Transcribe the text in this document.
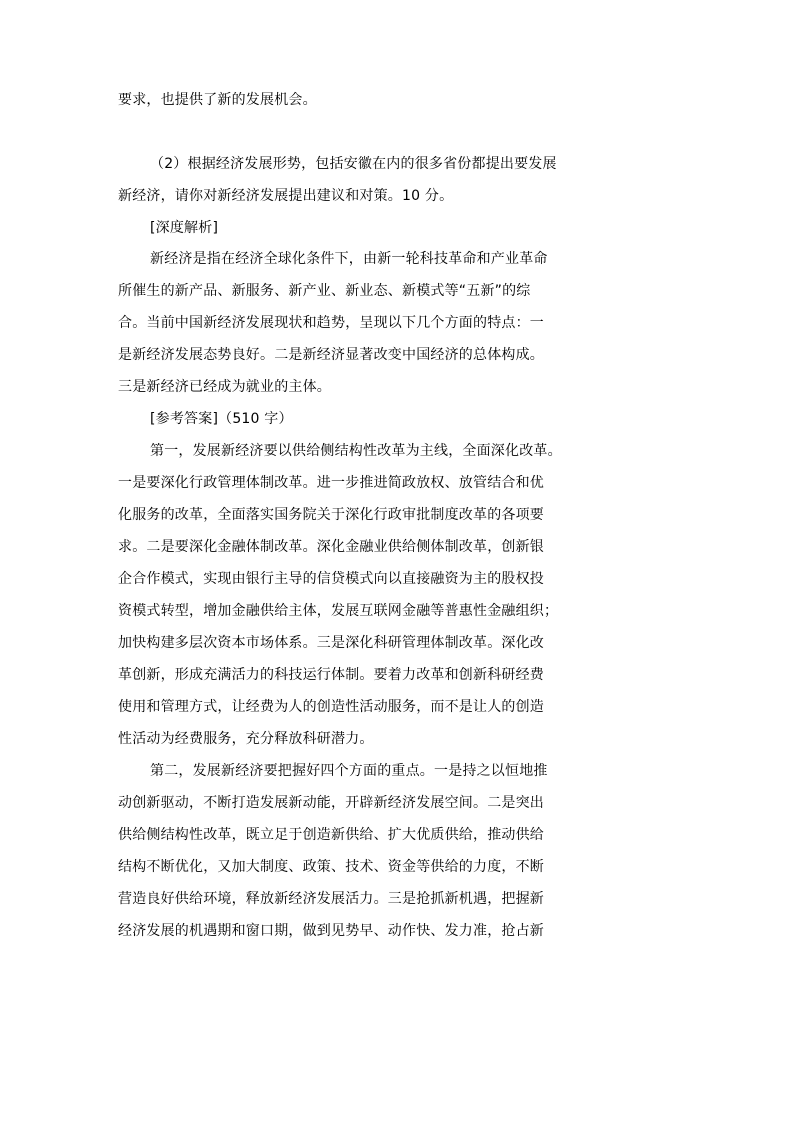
要求，也提供了新的发展机会。
（2）根据经济发展形势，包括安徽在内的很多省份都提出要发展
新经济，请你对新经济发展提出建议和对策。10 分。
[深度解析]
新经济是指在经济全球化条件下，由新一轮科技革命和产业革命
所催生的新产品、新服务、新产业、新业态、新模式等“五新”的综
合。当前中国新经济发展现状和趋势，呈现以下几个方面的特点：一
是新经济发展态势良好。二是新经济显著改变中国经济的总体构成。
三是新经济已经成为就业的主体。
[参考答案]（510 字）
第一，发展新经济要以供给侧结构性改革为主线，全面深化改革。
一是要深化行政管理体制改革。进一步推进简政放权、放管结合和优
化服务的改革，全面落实国务院关于深化行政审批制度改革的各项要
求。二是要深化金融体制改革。深化金融业供给侧体制改革，创新银
企合作模式，实现由银行主导的信贷模式向以直接融资为主的股权投
资模式转型，增加金融供给主体，发展互联网金融等普惠性金融组织；
加快构建多层次资本市场体系。三是深化科研管理体制改革。深化改
革创新，形成充满活力的科技运行体制。要着力改革和创新科研经费
使用和管理方式，让经费为人的创造性活动服务，而不是让人的创造
性活动为经费服务，充分释放科研潜力。
第二，发展新经济要把握好四个方面的重点。一是持之以恒地推
动创新驱动，不断打造发展新动能，开辟新经济发展空间。二是突出
供给侧结构性改革，既立足于创造新供给、扩大优质供给，推动供给
结构不断优化，又加大制度、政策、技术、资金等供给的力度，不断
营造良好供给环境，释放新经济发展活力。三是抢抓新机遇，把握新
经济发展的机遇期和窗口期，做到见势早、动作快、发力准，抢占新
